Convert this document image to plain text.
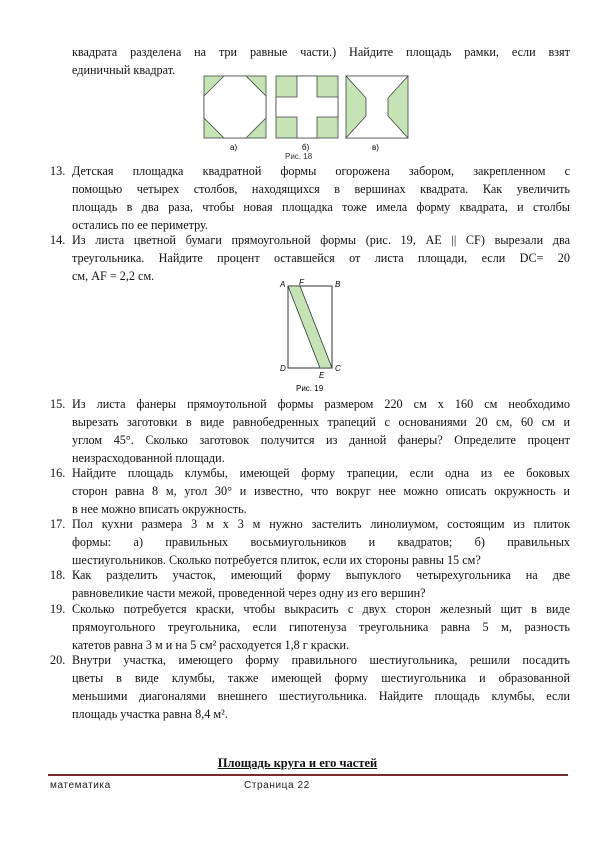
квадрата разделена на три равные части.) Найдите площадь рамки, если взят
единичный квадрат.
а)	б)	в)
Рис. 18
13. Детская площадка квадратной формы огорожена забором, закрепленном с
помощью четырех столбов, находящихся в вершинах квадрата. Как увеличить
площадь в два раза, чтобы новая площадка тоже имела форму квадрата, и столбы
остались по ее периметру.
14. Из листа цветной бумаги прямоугольной формы (рис. 19, AE || CF) вырезали два
треугольника. Найдите процент оставшейся от листа площади, если DC= 20
см, AF = 2,2 см.
A F	B
D	C
E
Рис. 19
15. Из листа фанеры прямоутольной формы размером 220 см x 160 см необходимо
вырезать заготовки в виде равнобедренных трапеций с основаниями 20 см, 60 см и
углом 45°. Сколько заготовок получится из данной фанеры? Определите процент
неизрасходованной площади.
16. Найдите площадь клумбы, имеющей форму трапеции, если одна из ее боковых
сторон равна 8 м, угол 30° и известно, что вокруг нее можно описать окружность и
в нее можно вписать окружность.
17. Пол кухни размера 3 м x 3 м нужно застелить линолиумом, состоящим из плиток
формы: а) правильных восьмиугольников и квадратов; б) правильных
шестиугольников. Сколько потребуется плиток, если их стороны равны 15 см?
18. Как разделить участок, имеющий форму выпуклого четырехугольника на две
равновеликие части межой, проведенной через одну из его вершин?
19. Сколько потребуется краски, чтобы выкрасить с двух сторон железный щит в виде
прямоугольного треугольника, если гипотенуза треугольника равна 5 м, разность
катетов равна 3 м и на 5 см² расходуется 1,8 г краски.
20. Внутри участка, имеющего форму правильного шестиугольника, решили посадить
цветы в виде клумбы, также имеющей форму шестиугольника и образованной
меньшими диагоналями внешнего шестиугольника. Найдите площадь клумбы, если
площадь участка равна 8,4 м².
Площадь круга и его частей
математика	Страница 22
